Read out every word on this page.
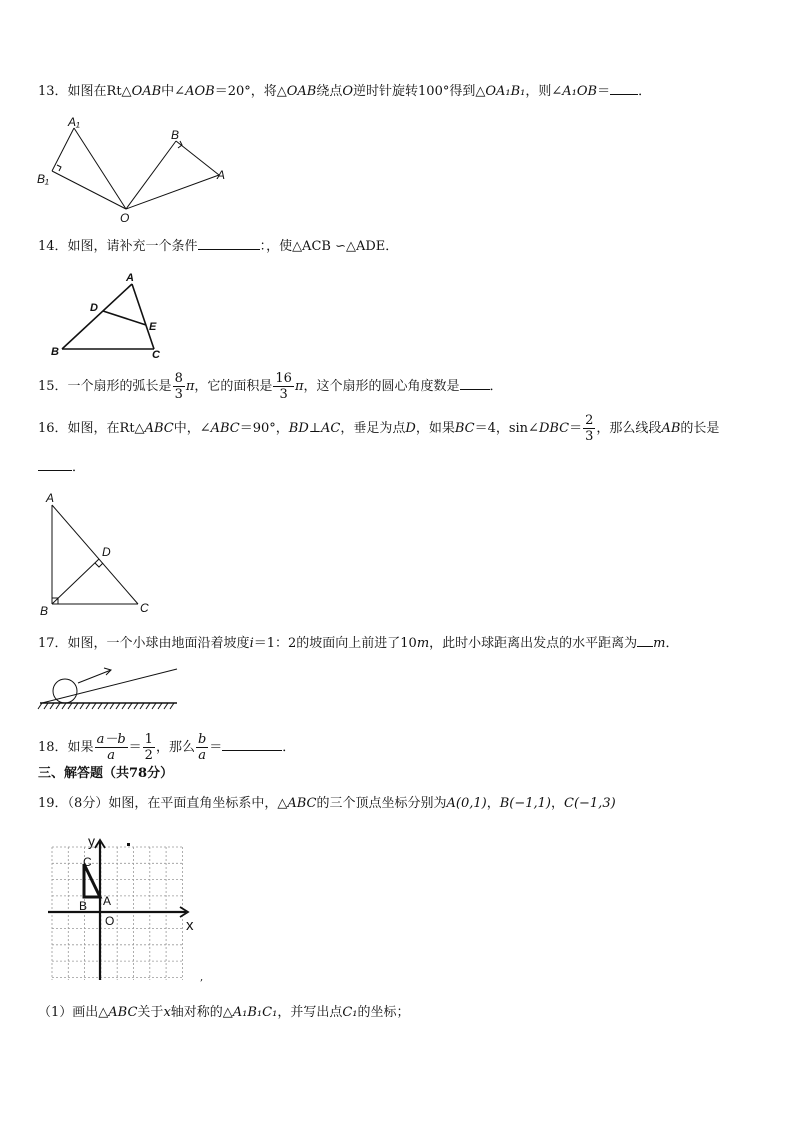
13．如图在Rt△OAB中∠AOB＝20°，将△OAB绕点O逆时针旋转100°得到△OA₁B₁，则∠A₁OB＝ ．
A₁
B₁
O
B
A
14．如图，请补充一个条件	：，使△ACB ∽△ADE．
A
D
E
B	C
15．一个扇形的弧长是 $\frac{8}{3}$ π，它的面积是 $\frac{16}{3}$ π，这个扇形的圆心角度数是 ．
16．如图，在Rt△ABC中，∠ABC＝90°，BD⊥AC，垂足为点D，如果BC＝4，sin∠DBC＝ $\frac{2}{3}$ ，那么线段AB的长是
．
A
D
B	C
17．如图，一个小球由地面沿着坡度i＝1：2的坡面向上前进了10m，此时小球距离出发点的水平距离为 m．
18．如果 $\frac{a-b}{a} = \frac{1}{2}$ ，那么 $\frac{b}{a}$ ＝	．
三、解答题（共78分）
19．（8分）如图，在平面直角坐标系中，△ABC的三个顶点坐标分别为A(0,1)，B(−1,1)，C(−1,3)
y
x
C
A
B
O
,
（1）画出△ABC关于x轴对称的△A₁B₁C₁，并写出点C₁的坐标；
